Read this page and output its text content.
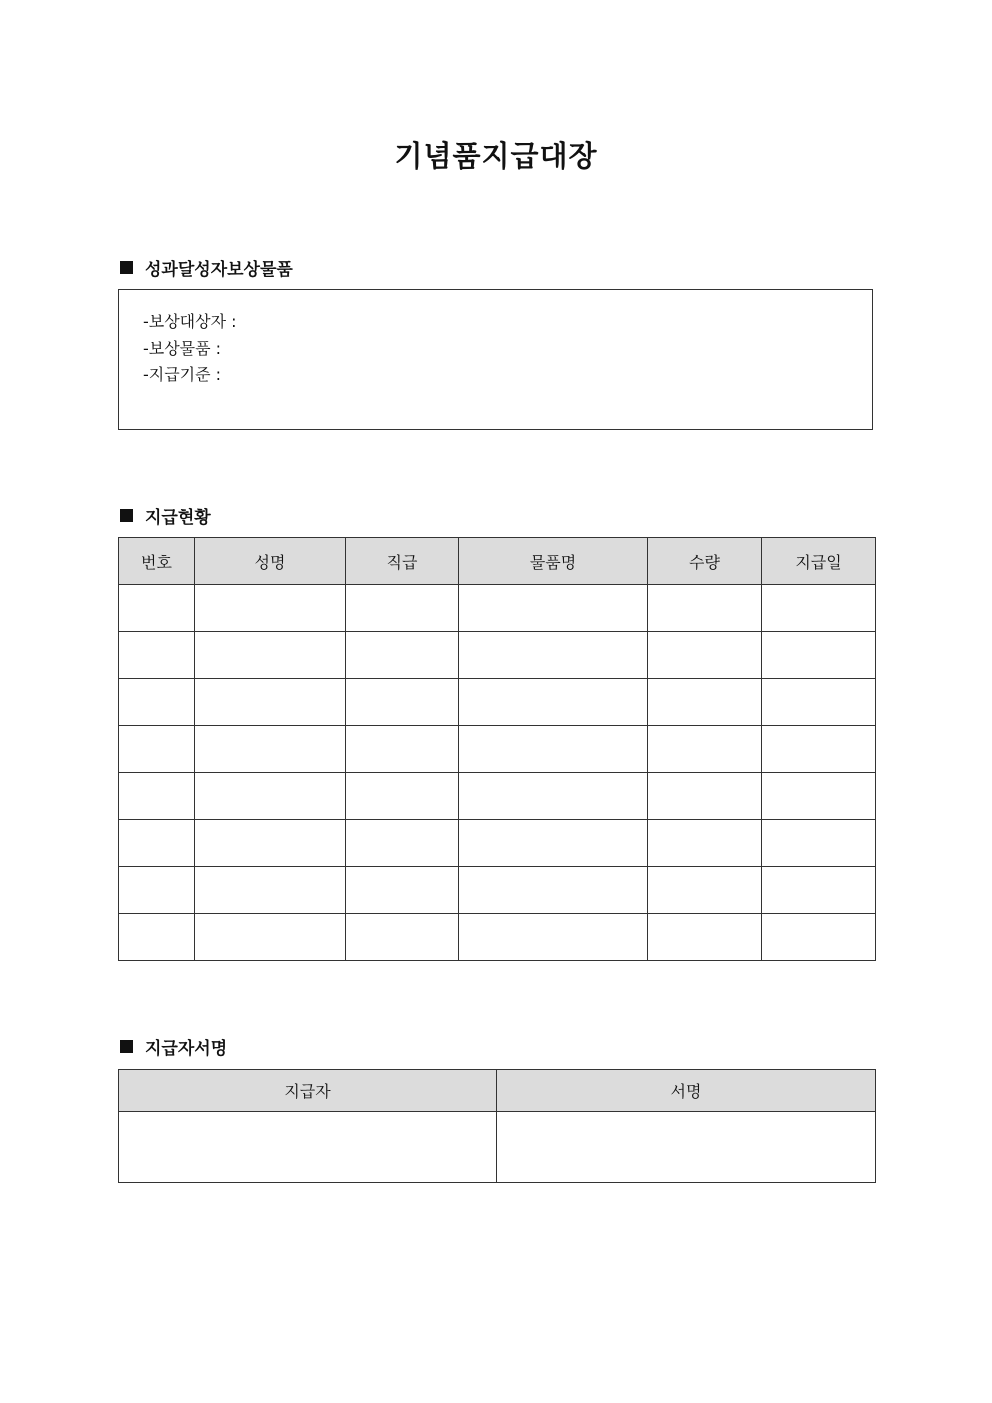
기념품지급대장
성과달성자보상물품
-보상대상자 :
-보상물품 :
-지급기준 :
지급현황
번호	성명	직급	물품명	수량	지급일

지급자서명
지급자	서명
